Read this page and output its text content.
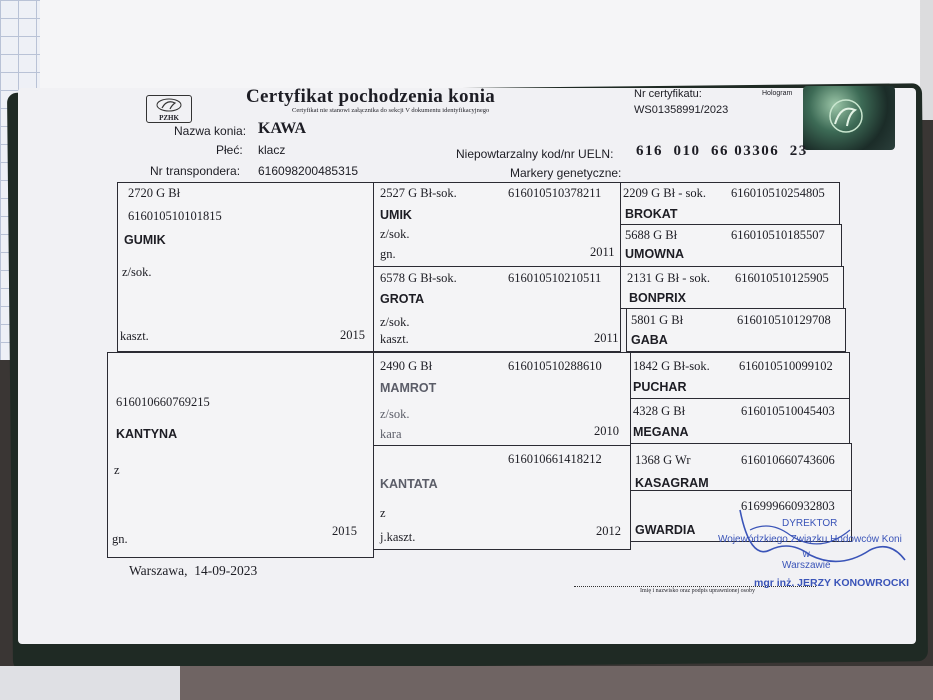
PZHK
Certyfikat pochodzenia konia
Certyfikat nie stanowi załącznika do sekcji V dokumentu identyfikacyjnego
Nr certyfikatu:
WS01358991/2023
Hologram
Nazwa konia: KAWA
Płeć: klacz
Nr transpondera: 616098200485315
Niepowtarzalny kod/nr UELN: 616  010  66 03306  23
Markery genetyczne:
2720 G Bł
616010510101815
GUMIK
z/sok.
kaszt.	2015
2527 G Bł-sok.	616010510378211
UMIK
z/sok.
gn.	2011
6578 G Bł-sok.	616010510210511
GROTA
z/sok.
kaszt.	2011
2209 G Bł - sok. 616010510254805
BROKAT
5688 G Bł	616010510185507
UMOWNA
2131 G Bł - sok. 616010510125905
BONPRIX
5801 G Bł	616010510129708
GABA
616010660769215
KANTYNA
z
gn.
2015
2490 G Bł	616010510288610
MAMROT
z/sok.
kara	2010
616010661418212
KANTATA
z
j.kaszt.	2012
1842 G Bł-sok. 616010510099102
PUCHAR
4328 G Bł	616010510045403
MEGANA
1368 G Wr	616010660743606
KASAGRAM
616999660932803
GWARDIA
Warszawa,  14-09-2023
Imię i nazwisko oraz podpis uprawnionej osoby
DYREKTOR
Wojewódzkiego Związku Hodowców Koni
w Warszawie
mgr inż. JERZY KONOWROCKI
